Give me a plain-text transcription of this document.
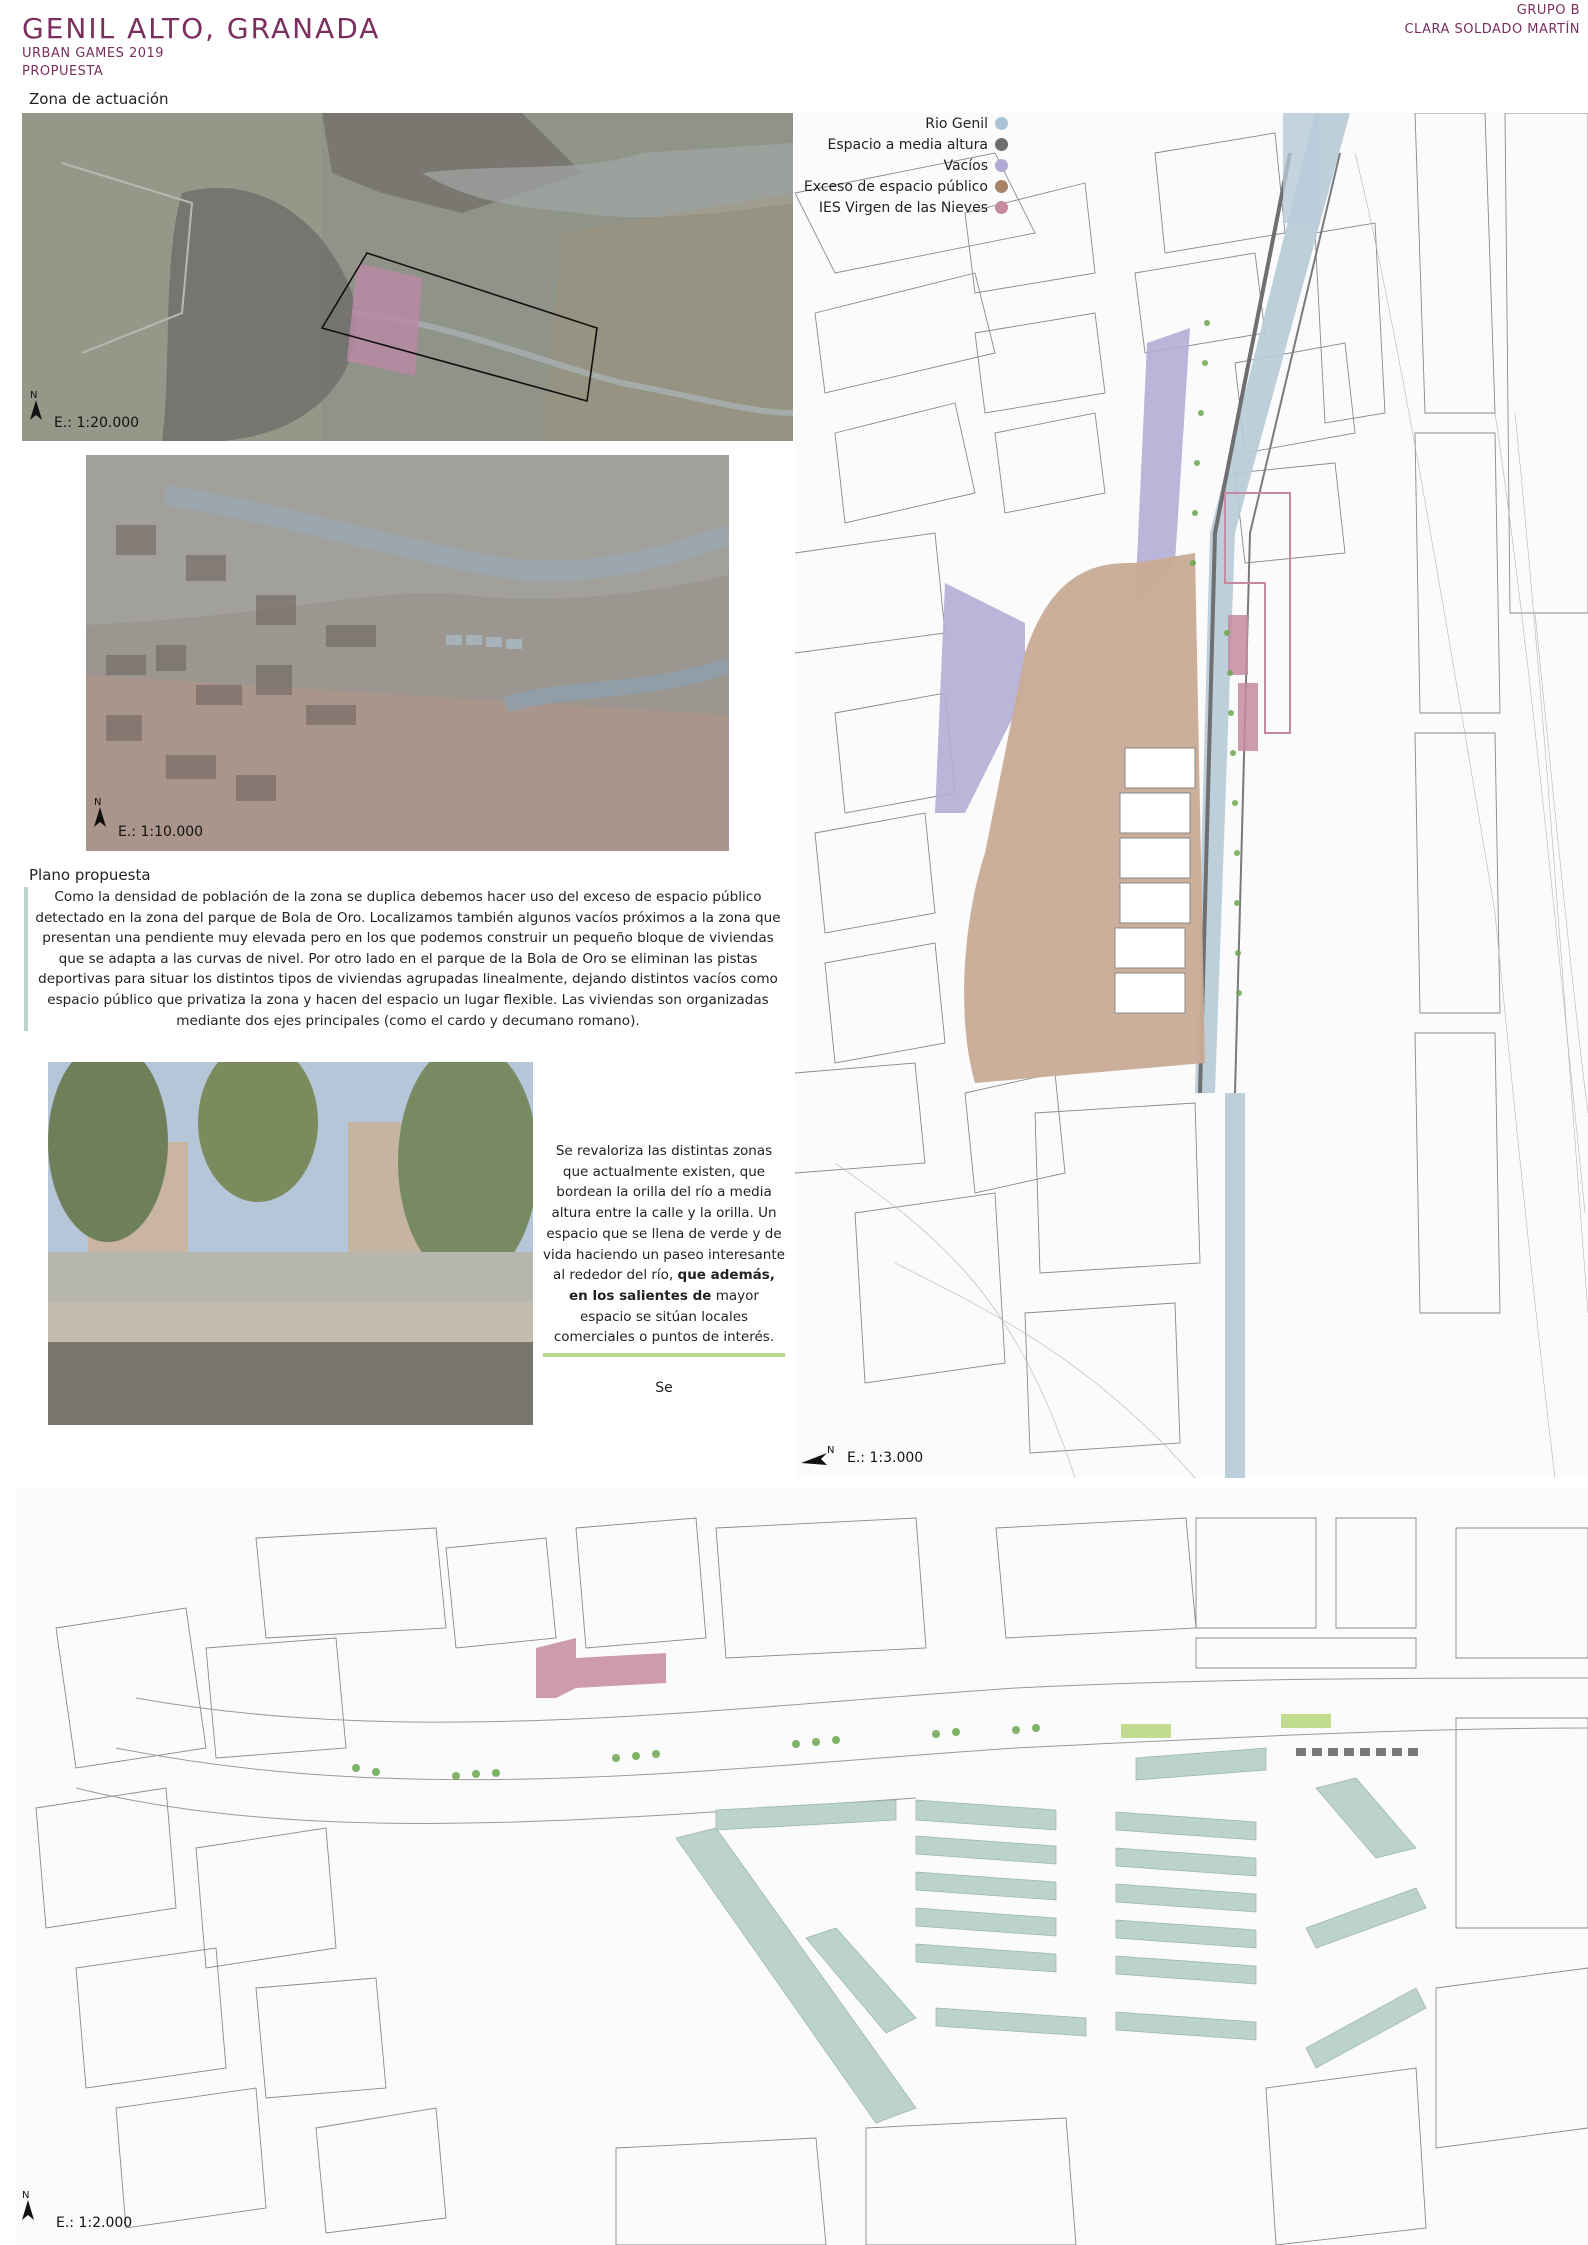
GENIL ALTO, GRANADA
URBAN GAMES 2019
PROPUESTA
GRUPO B
CLARA SOLDADO MARTÍN
Zona de actuación
N
E.: 1:20.000
N
E.: 1:10.000
Plano propuesta
Como la densidad de población de la zona se duplica debemos hacer uso del exceso de espacio público detectado en la zona del parque de Bola de Oro. Localizamos también algunos vacíos próximos a la zona que presentan una pendiente muy elevada pero en los que podemos construir un pequeño bloque de viviendas que se adapta a las curvas de nivel. Por otro lado en el parque de la Bola de Oro se eliminan las pistas deportivas para situar los distintos tipos de viviendas agrupadas linealmente, dejando distintos vacíos como espacio público que privatiza la zona y hacen del espacio un lugar flexible. Las viviendas son organizadas mediante dos ejes principales (como el cardo y decumano romano).
Se revaloriza las distintas zonas que actualmente existen, que bordean la orilla del río a media altura entre la calle y la orilla. Un espacio que se llena de verde y de vida haciendo un paseo interesante al rededor del río, que además, en los salientes de mayor espacio se sitúan locales comerciales o puntos de interés.
Se
N E.: 1:3.000
Rio Genil
Espacio a media altura
Vacíos
Exceso de espacio público
IES Virgen de las Nieves
N
E.: 1:2.000
